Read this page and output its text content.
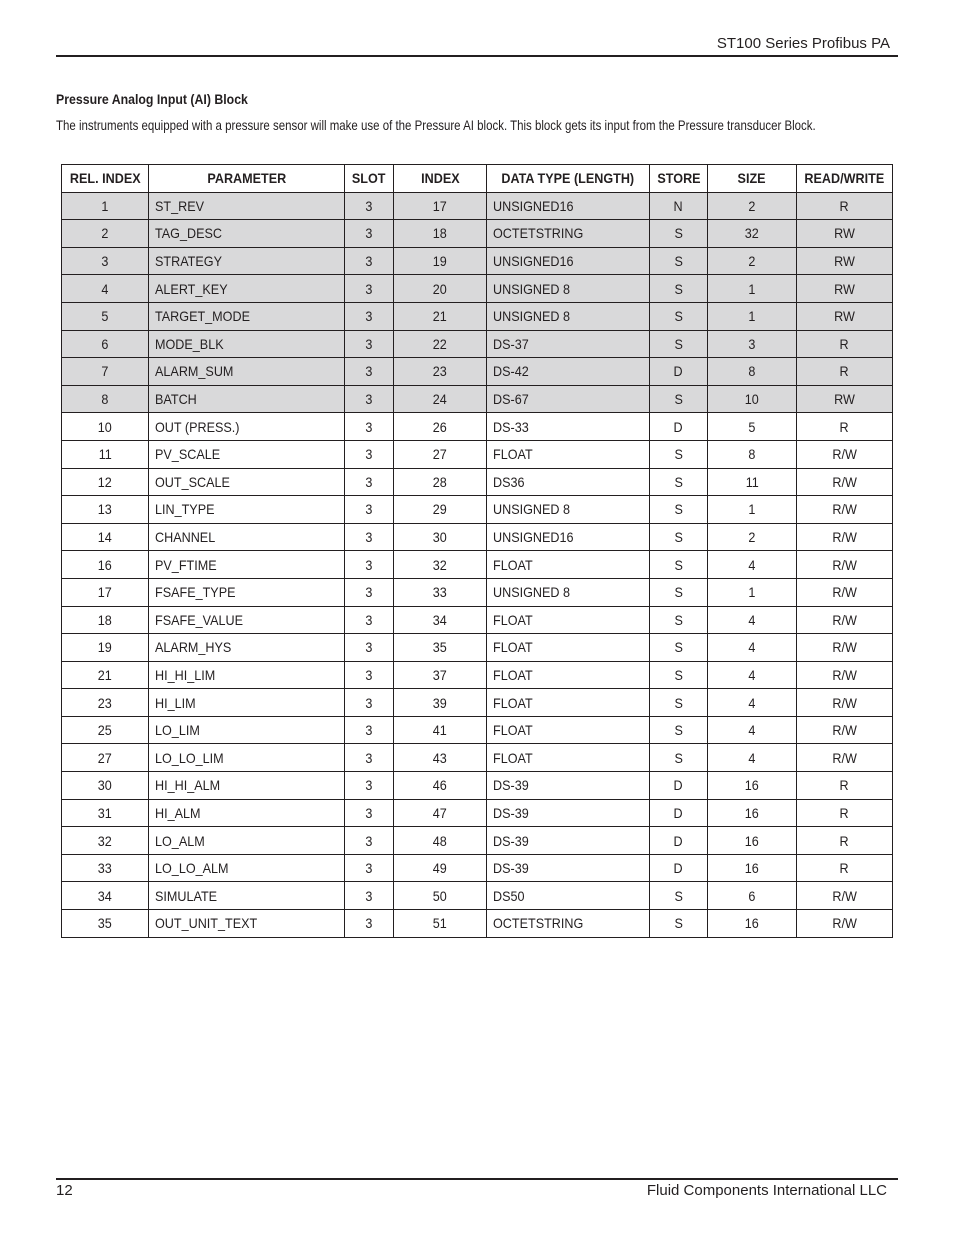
ST100 Series Profibus PA
Pressure Analog Input (AI) Block
The instruments equipped with a pressure sensor will make use of the Pressure AI block. This block gets its input from the Pressure transducer Block.
REL. INDEX	PARAMETER	SLOT	INDEX	DATA TYPE (LENGTH)	STORE	SIZE	READ/WRITE
1	ST_REV	3	17	UNSIGNED16	N	2	R
2	TAG_DESC	3	18	OCTETSTRING	S	32	RW
3	STRATEGY	3	19	UNSIGNED16	S	2	RW
4	ALERT_KEY	3	20	UNSIGNED 8	S	1	RW
5	TARGET_MODE	3	21	UNSIGNED 8	S	1	RW
6	MODE_BLK	3	22	DS-37	S	3	R
7	ALARM_SUM	3	23	DS-42	D	8	R
8	BATCH	3	24	DS-67	S	10	RW
10	OUT (PRESS.)	3	26	DS-33	D	5	R
11	PV_SCALE	3	27	FLOAT	S	8	R/W
12	OUT_SCALE	3	28	DS36	S	11	R/W
13	LIN_TYPE	3	29	UNSIGNED 8	S	1	R/W
14	CHANNEL	3	30	UNSIGNED16	S	2	R/W
16	PV_FTIME	3	32	FLOAT	S	4	R/W
17	FSAFE_TYPE	3	33	UNSIGNED 8	S	1	R/W
18	FSAFE_VALUE	3	34	FLOAT	S	4	R/W
19	ALARM_HYS	3	35	FLOAT	S	4	R/W
21	HI_HI_LIM	3	37	FLOAT	S	4	R/W
23	HI_LIM	3	39	FLOAT	S	4	R/W
25	LO_LIM	3	41	FLOAT	S	4	R/W
27	LO_LO_LIM	3	43	FLOAT	S	4	R/W
30	HI_HI_ALM	3	46	DS-39	D	16	R
31	HI_ALM	3	47	DS-39	D	16	R
32	LO_ALM	3	48	DS-39	D	16	R
33	LO_LO_ALM	3	49	DS-39	D	16	R
34	SIMULATE	3	50	DS50	S	6	R/W
35	OUT_UNIT_TEXT	3	51	OCTETSTRING	S	16	R/W
12	Fluid Components International LLC
